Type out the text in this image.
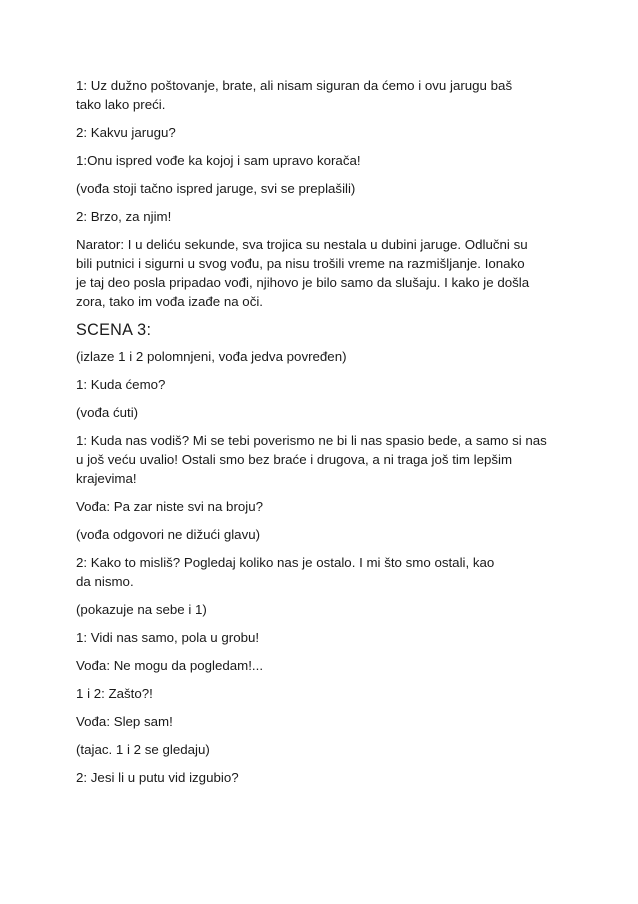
1: Uz dužno poštovanje, brate, ali nisam siguran da ćemo i ovu jarugu baš
tako lako preći.

2: Kakvu jarugu?

1:Onu ispred vođe ka kojoj i sam upravo koračа!

(vođa stoji tačno ispred jaruge, svi se preplašili)

2: Brzo, za njim!

Narator: I u deliću sekunde, sva trojica su nestala u dubini jaruge. Odlučni su
bili putnici i sigurni u svog vođu, pa nisu trošili vreme na razmišljanje. Ionako
je taj deo posla pripadao vođi, njihovo je bilo samo da slušaju. I kako je došla
zora, tako im vođa izađe na oči.

SCENA 3:

(izlaze 1 i 2 polomnjeni, vođa jedva povređen)

1: Kuda ćemo?

(vođa ćuti)

1: Kuda nas vodiš? Mi se tebi poverismo ne bi li nas spasio bede, a samo si nas
u još veću uvalio! Ostali smo bez braće i drugova, a ni traga još tim lepšim
krajevima!

Vođa: Pa zar niste svi na broju?

(vođa odgovori ne dižući glavu)

2: Kako to misliš? Pogledaj koliko nas je ostalo. I mi što smo ostali, kao
da nismo.

(pokazuje na sebe i 1)

1: Vidi nas samo, pola u grobu!

Vođa: Ne mogu da pogledam!...

1 i 2: Zašto?!

Vođa: Slep sam!

(tajac. 1 i 2 se gledaju)

2: Jesi li u putu vid izgubio?
